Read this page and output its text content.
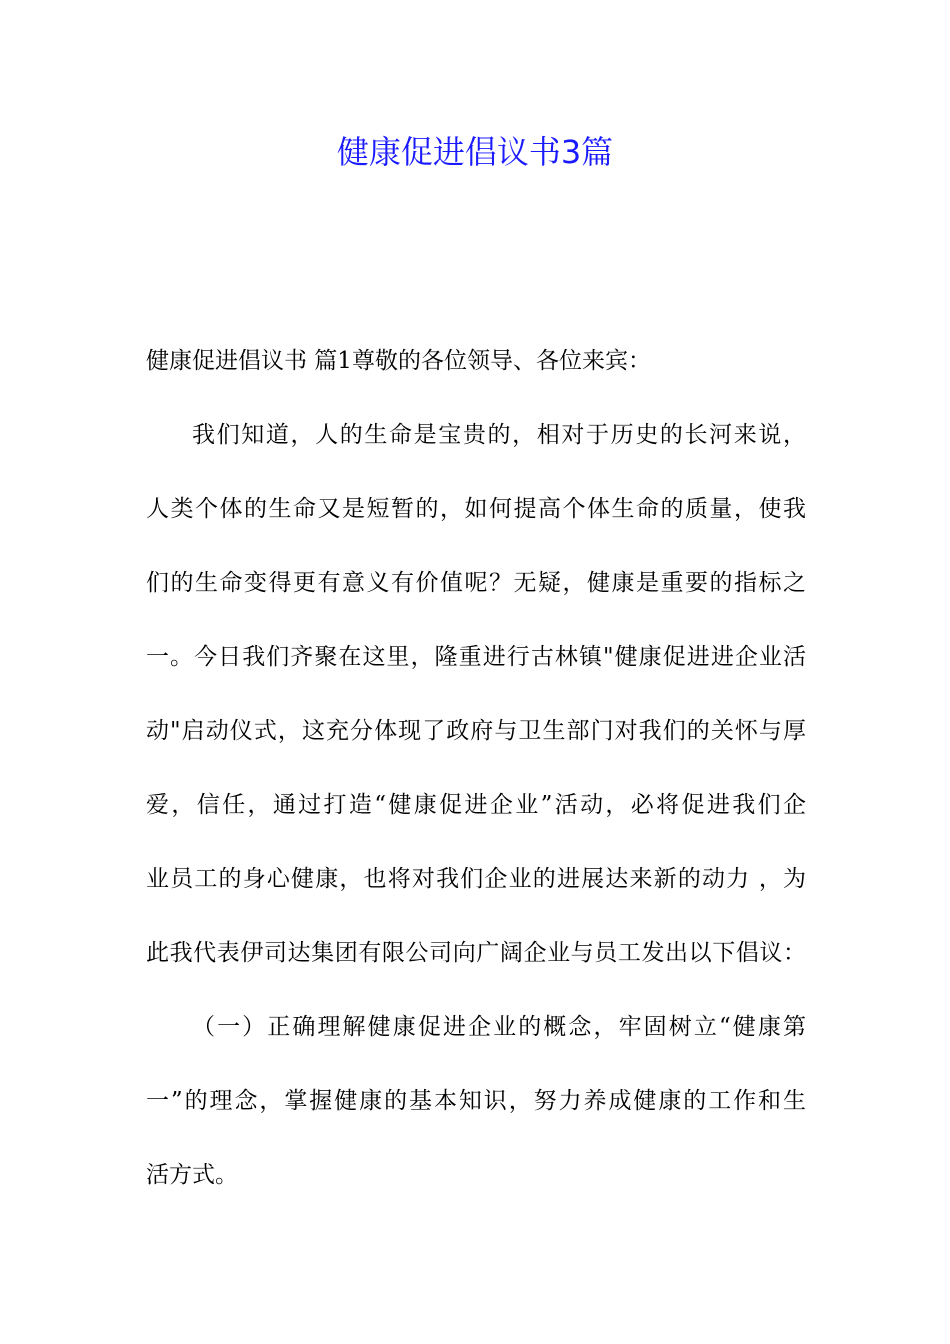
健康促进倡议书3篇
健康促进倡议书 篇1尊敬的各位领导、各位来宾：
我们知道，人的生命是宝贵的，相对于历史的长河来说，
人类个体的生命又是短暂的，如何提高个体生命的质量，使我
们的生命变得更有意义有价值呢？无疑，健康是重要的指标之
一。今日我们齐聚在这里，隆重进行古林镇"健康促进进企业活
动"启动仪式，这充分体现了政府与卫生部门对我们的关怀与厚
爱，信任，通过打造“健康促进企业”活动，必将促进我们企
业员工的身心健康，也将对我们企业的进展达来新的动力 ，为
此我代表伊司达集团有限公司向广阔企业与员工发出以下倡议：
（一）正确理解健康促进企业的概念，牢固树立“健康第
一”的理念，掌握健康的基本知识，努力养成健康的工作和生
活方式。
